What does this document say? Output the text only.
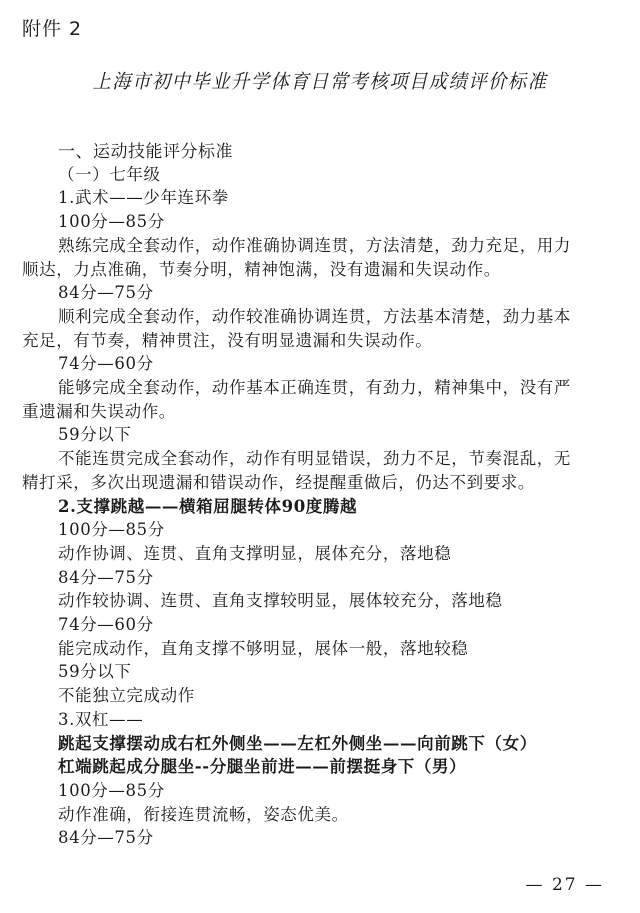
附件 2
上海市初中毕业升学体育日常考核项目成绩评价标准
一、运动技能评分标准
（一）七年级
1.武术——少年连环拳
100分—85分
熟练完成全套动作，动作准确协调连贯，方法清楚，劲力充足，用力
顺达，力点准确，节奏分明，精神饱满，没有遗漏和失误动作。
84分—75分
顺利完成全套动作，动作较准确协调连贯，方法基本清楚，劲力基本
充足，有节奏，精神贯注，没有明显遗漏和失误动作。
74分—60分
能够完成全套动作，动作基本正确连贯，有劲力，精神集中，没有严
重遗漏和失误动作。
59分以下
不能连贯完成全套动作，动作有明显错误，劲力不足，节奏混乱，无
精打采，多次出现遗漏和错误动作，经提醒重做后，仍达不到要求。
2.支撑跳越——横箱屈腿转体90度腾越
100分—85分
动作协调、连贯、直角支撑明显，展体充分，落地稳
84分—75分
动作较协调、连贯、直角支撑较明显，展体较充分，落地稳
74分—60分
能完成动作，直角支撑不够明显，展体一般，落地较稳
59分以下
不能独立完成动作
3.双杠——
跳起支撑摆动成右杠外侧坐——左杠外侧坐——向前跳下（女）
杠端跳起成分腿坐--分腿坐前进——前摆挺身下（男）
100分—85分
动作准确，衔接连贯流畅，姿态优美。
84分—75分
— 27 —
